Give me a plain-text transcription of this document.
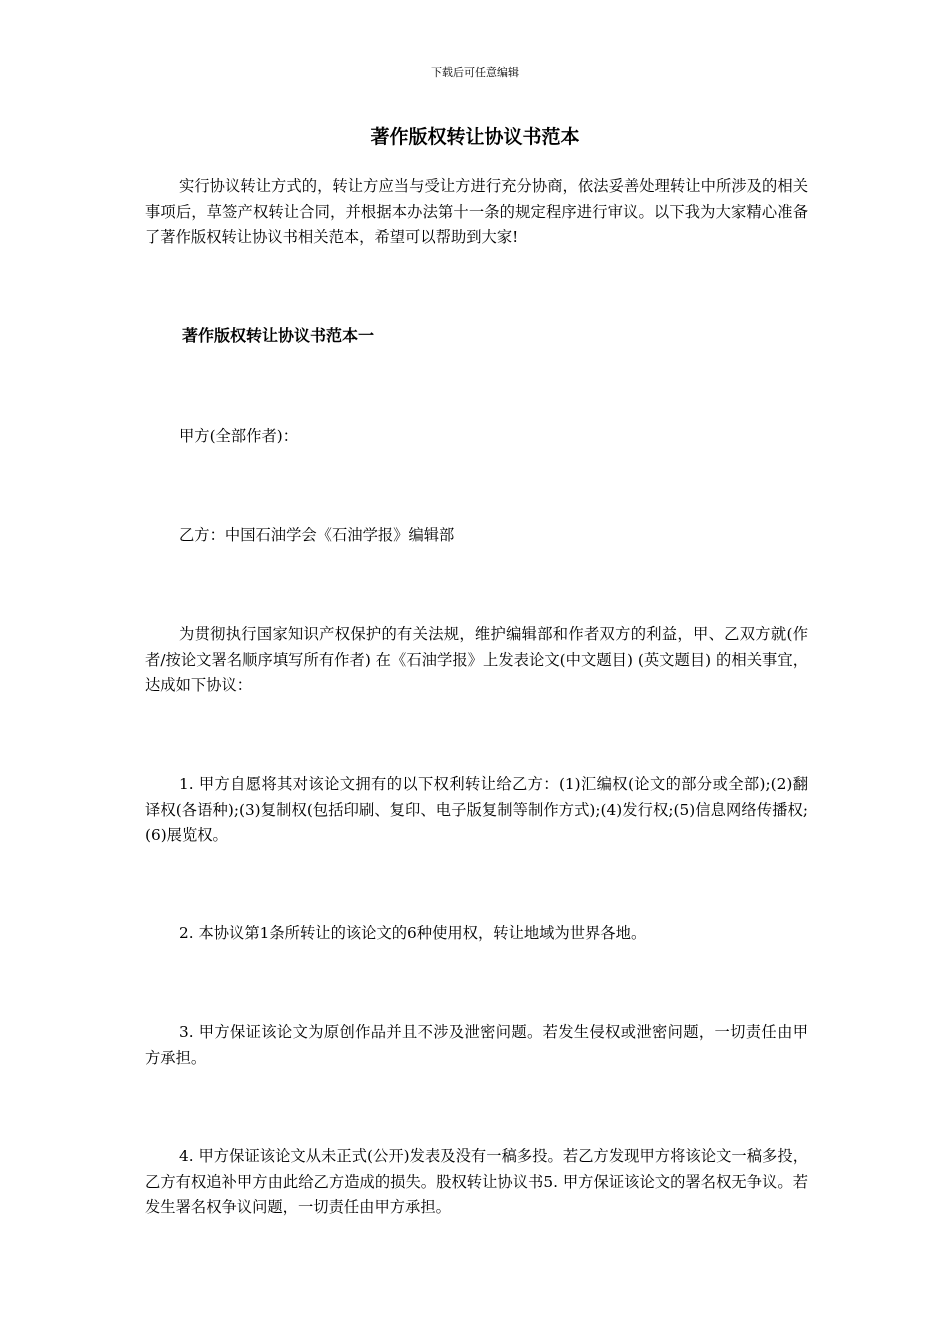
下载后可任意编辑
著作版权转让协议书范本

实行协议转让方式的，转让方应当与受让方进行充分协商，依法妥善处理转让中所涉及的相关事项后，草签产权转让合同，并根据本办法第十一条的规定程序进行审议。以下我为大家精心准备了著作版权转让协议书相关范本，希望可以帮助到大家!

著作版权转让协议书范本一

甲方(全部作者)：

乙方：中国石油学会《石油学报》编辑部

为贯彻执行国家知识产权保护的有关法规，维护编辑部和作者双方的利益，甲、乙双方就(作者/按论文署名顺序填写所有作者) 在《石油学报》上发表论文(中文题目) (英文题目) 的相关事宜，达成如下协议：

1. 甲方自愿将其对该论文拥有的以下权利转让给乙方：(1)汇编权(论文的部分或全部);(2)翻译权(各语种);(3)复制权(包括印刷、复印、电子版复制等制作方式);(4)发行权;(5)信息网络传播权;(6)展览权。

2. 本协议第1条所转让的该论文的6种使用权，转让地域为世界各地。

3. 甲方保证该论文为原创作品并且不涉及泄密问题。若发生侵权或泄密问题，一切责任由甲方承担。

4. 甲方保证该论文从未正式(公开)发表及没有一稿多投。若乙方发现甲方将该论文一稿多投，乙方有权追补甲方由此给乙方造成的损失。股权转让协议书5. 甲方保证该论文的署名权无争议。若发生署名权争议问题，一切责任由甲方承担。
